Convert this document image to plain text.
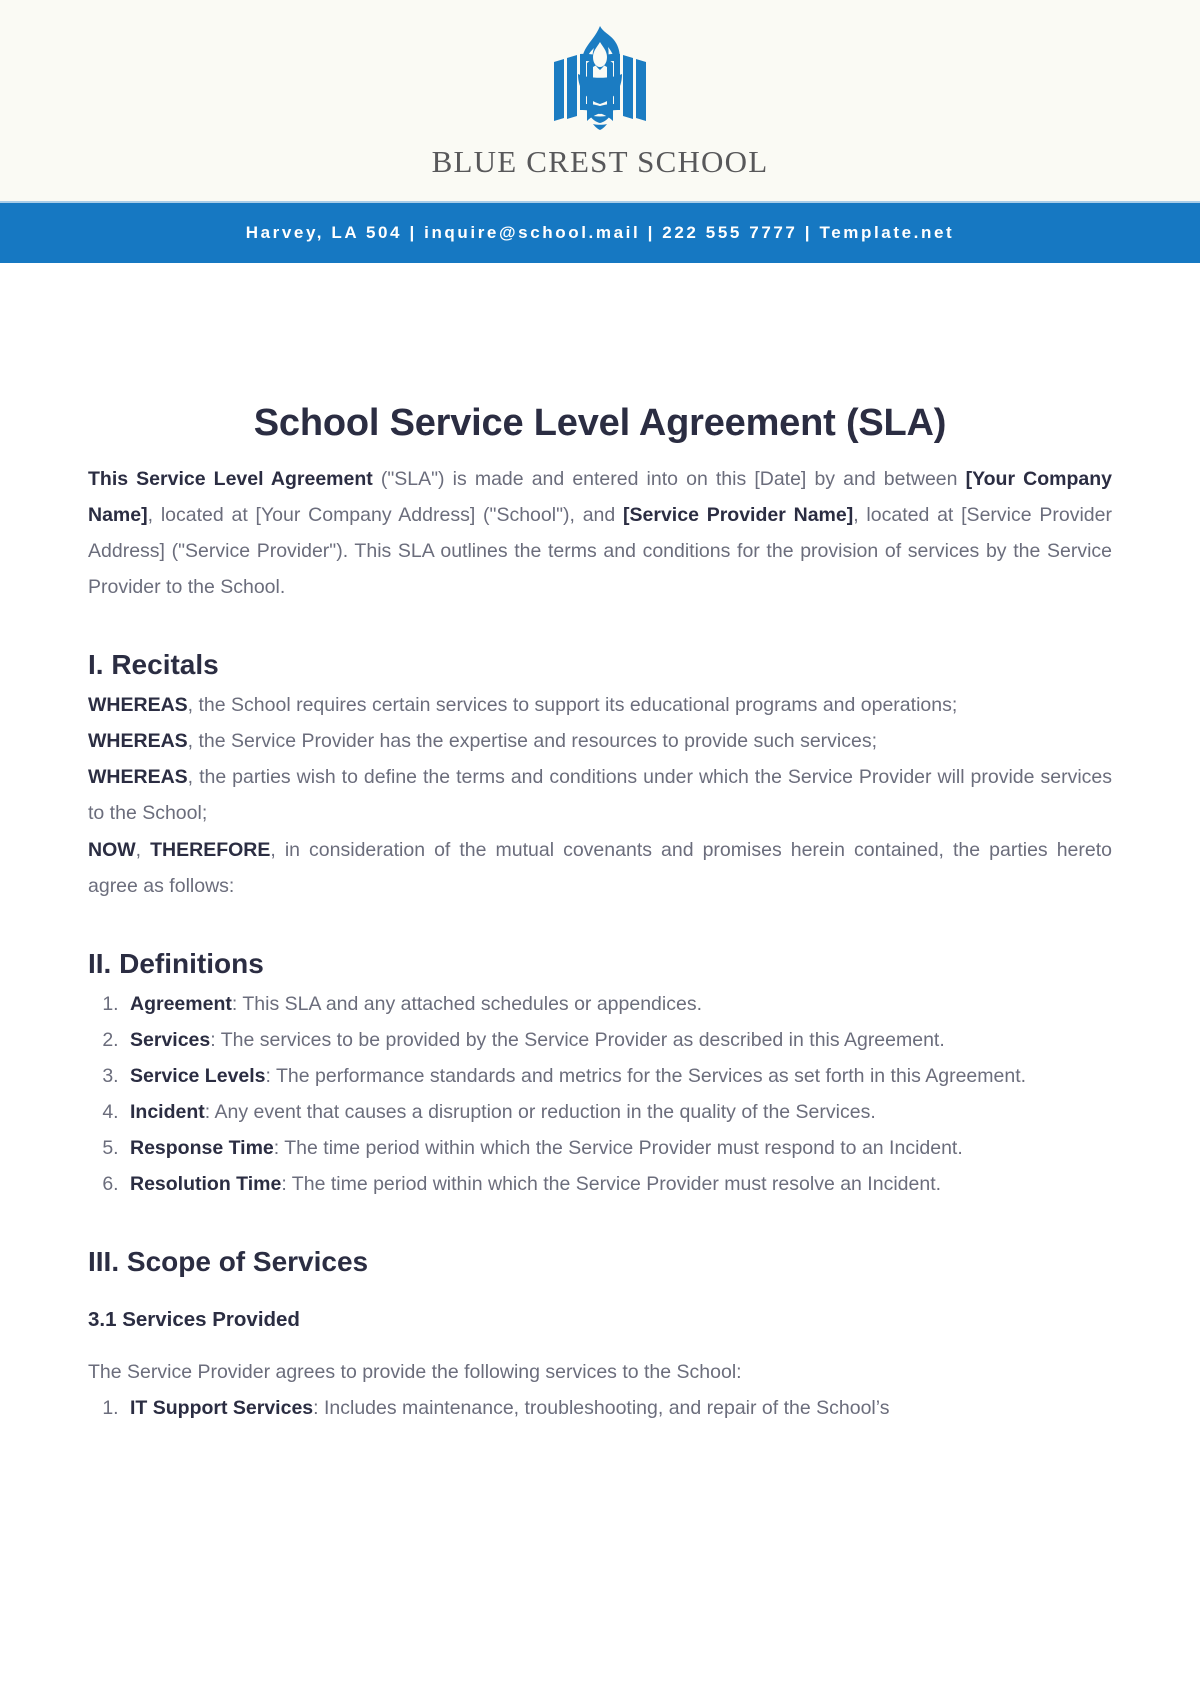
BLUE CREST SCHOOL
Harvey, LA 504 | inquire@school.mail | 222 555 7777 | Template.net
School Service Level Agreement (SLA)

This Service Level Agreement ("SLA") is made and entered into on this [Date] by and between [Your Company Name], located at [Your Company Address] ("School"), and [Service Provider Name], located at [Service Provider Address] ("Service Provider"). This SLA outlines the terms and conditions for the provision of services by the Service Provider to the School.

I. Recitals

WHEREAS, the School requires certain services to support its educational programs and operations;

WHEREAS, the Service Provider has the expertise and resources to provide such services;

WHEREAS, the parties wish to define the terms and conditions under which the Service Provider will provide services to the School;

NOW, THEREFORE, in consideration of the mutual covenants and promises herein contained, the parties hereto agree as follows:

II. Definitions
1. Agreement: This SLA and any attached schedules or appendices.
2. Services: The services to be provided by the Service Provider as described in this Agreement.
3. Service Levels: The performance standards and metrics for the Services as set forth in this Agreement.
4. Incident: Any event that causes a disruption or reduction in the quality of the Services.
5. Response Time: The time period within which the Service Provider must respond to an Incident.
6. Resolution Time: The time period within which the Service Provider must resolve an Incident.
III. Scope of Services
3.1 Services Provided

The Service Provider agrees to provide the following services to the School:

1. IT Support Services: Includes maintenance, troubleshooting, and repair of the School’s
